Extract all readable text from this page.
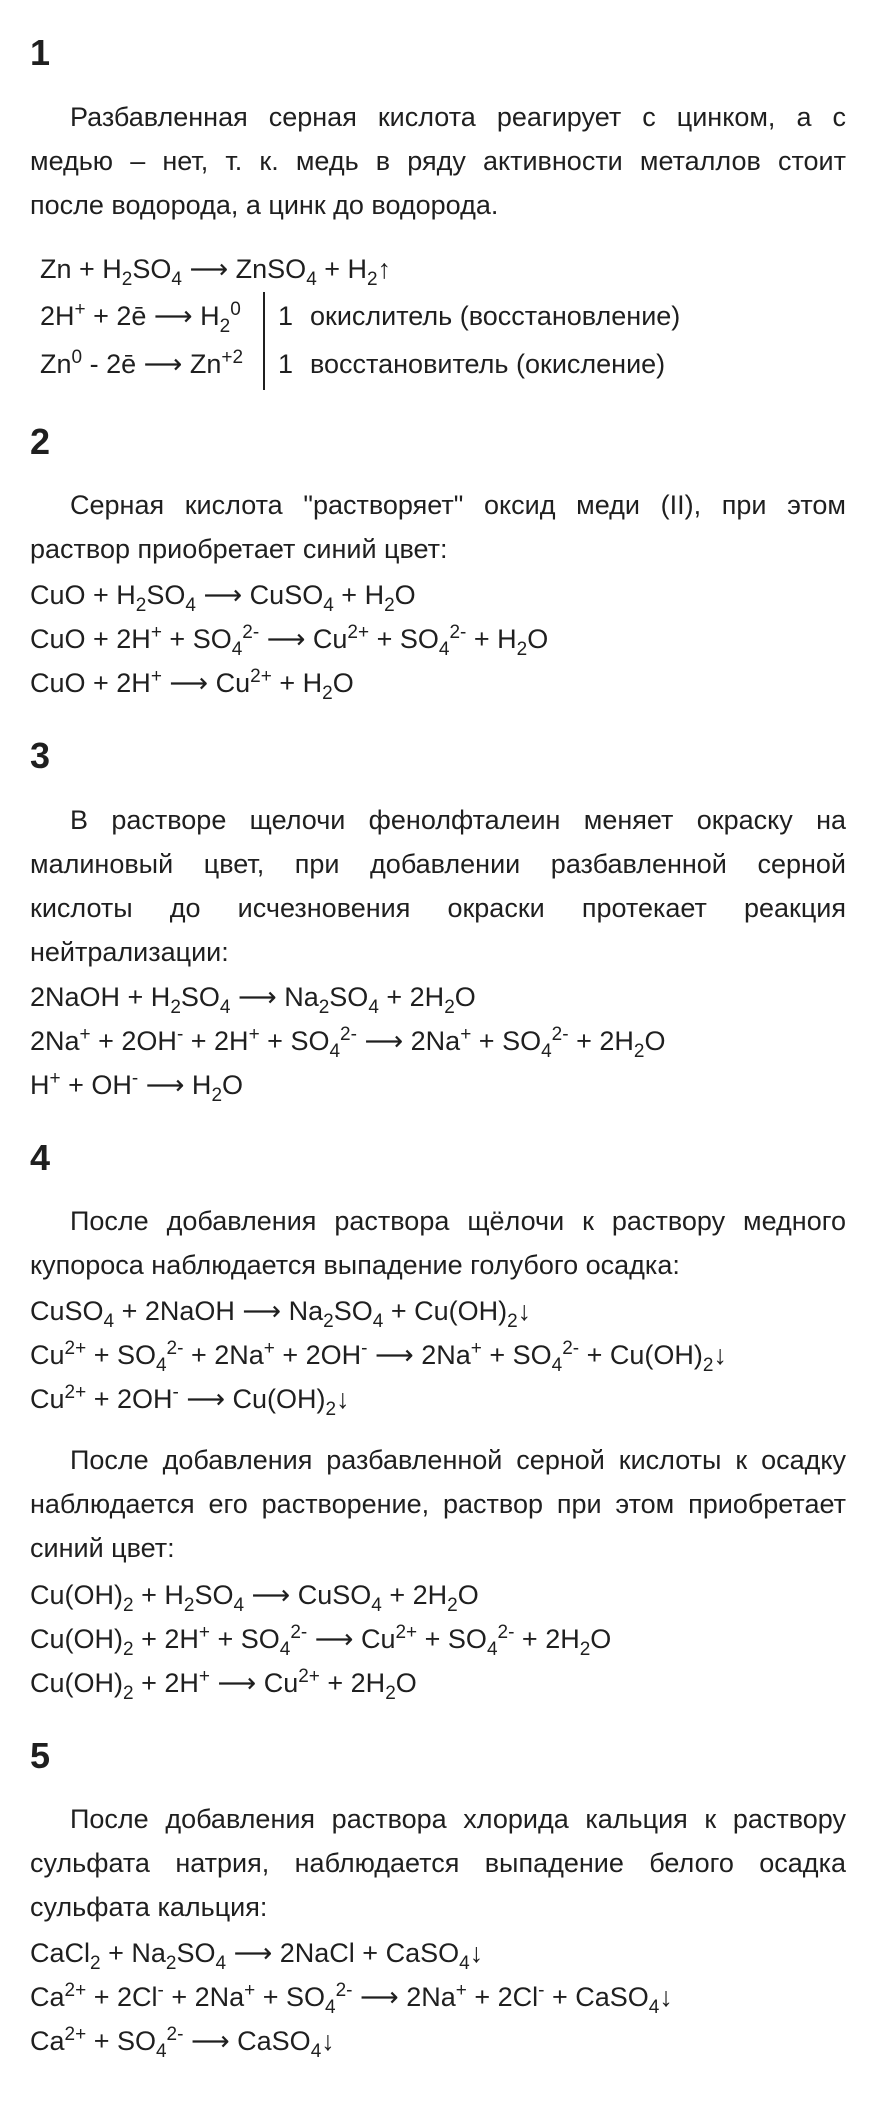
1
Разбавленная серная кислота реагирует с цинком, а с
медью – нет, т. к. медь в ряду активности металлов стоит
после водорода, а цинк до водорода.
$Zn + H_2SO_4$ ⟶ ZnSO$_4$ + $H_2↑$
2H+ + 2ē ⟶ $H_2^0$ 1 окислитель (восстановление)
Zn$^0$ - 2ē ⟶ $Zn^{+2}$ 1 восстановитель (окисление)
2
Серная кислота "растворяет" оксид меди (II), при этом
раствор приобретает синий цвет:
CuO + $H_2SO_4$ ⟶ CuSO$_4$ + $H_2O$
CuO + $2H^+ + SO_4^{2-}$ ⟶ $Cu^{2+} + SO_4^{2-} + H_2O$
CuO + 2H+ ⟶ $Cu^{2+} + H_2O$
3
В растворе щелочи фенолфталеин меняет окраску на
малиновый цвет, при добавлении разбавленной серной
кислоты до исчезновения окраски протекает реакция
нейтрализации:
2NaOH + $H_2SO_4$ ⟶ $Na_2SO_4 + 2H_2O$
$2Na^+ + 2OH^- + 2H^+ + SO_4^{2-}$ ⟶ $2Na^+ + SO_4^{2-} + 2H_2O$
H+ + OH- ⟶ $H_2O$
4
После добавления раствора щёлочи к раствору медного
купороса наблюдается выпадение голубого осадка:
CuSO$_4$ + 2NaOH ⟶ $Na_2SO_4$ + $Cu(OH)_2↓$
$Cu^{2+} + SO_4^{2-} + 2Na^+ + 2OH^-$ ⟶ $2Na^+ + SO_4^{2-}$ + $Cu(OH)_2↓$
$Cu^{2+} + 2OH^-$ ⟶ $Cu(OH)_2↓$
После добавления разбавленной серной кислоты к осадку
наблюдается его растворение, раствор при этом приобретает
синий цвет:
$Cu(OH)_2 + H_2SO_4$ ⟶ CuSO$_4$ + $2H_2O$
$Cu(OH)_2 + 2H^+ + SO_4^{2-}$ ⟶ $Cu^{2+} + SO_4^{2-} + 2H_2O$
$Cu(OH)_2 + 2H^+$ ⟶ $Cu^{2+} + 2H_2O$
5
После добавления раствора хлорида кальция к раствору
сульфата натрия, наблюдается выпадение белого осадка
сульфата кальция:
CaCl$_2$ + $Na_2SO_4$ ⟶ 2NaCl + CaSO$_4$↓
$Ca^{2+} + 2Cl^- + 2Na^+ + SO_4^{2-}$ ⟶ 2Na+ + 2Cl- + CaSO$_4$↓
$Ca^{2+} + SO_4^{2-}$ ⟶ CaSO$_4$↓
